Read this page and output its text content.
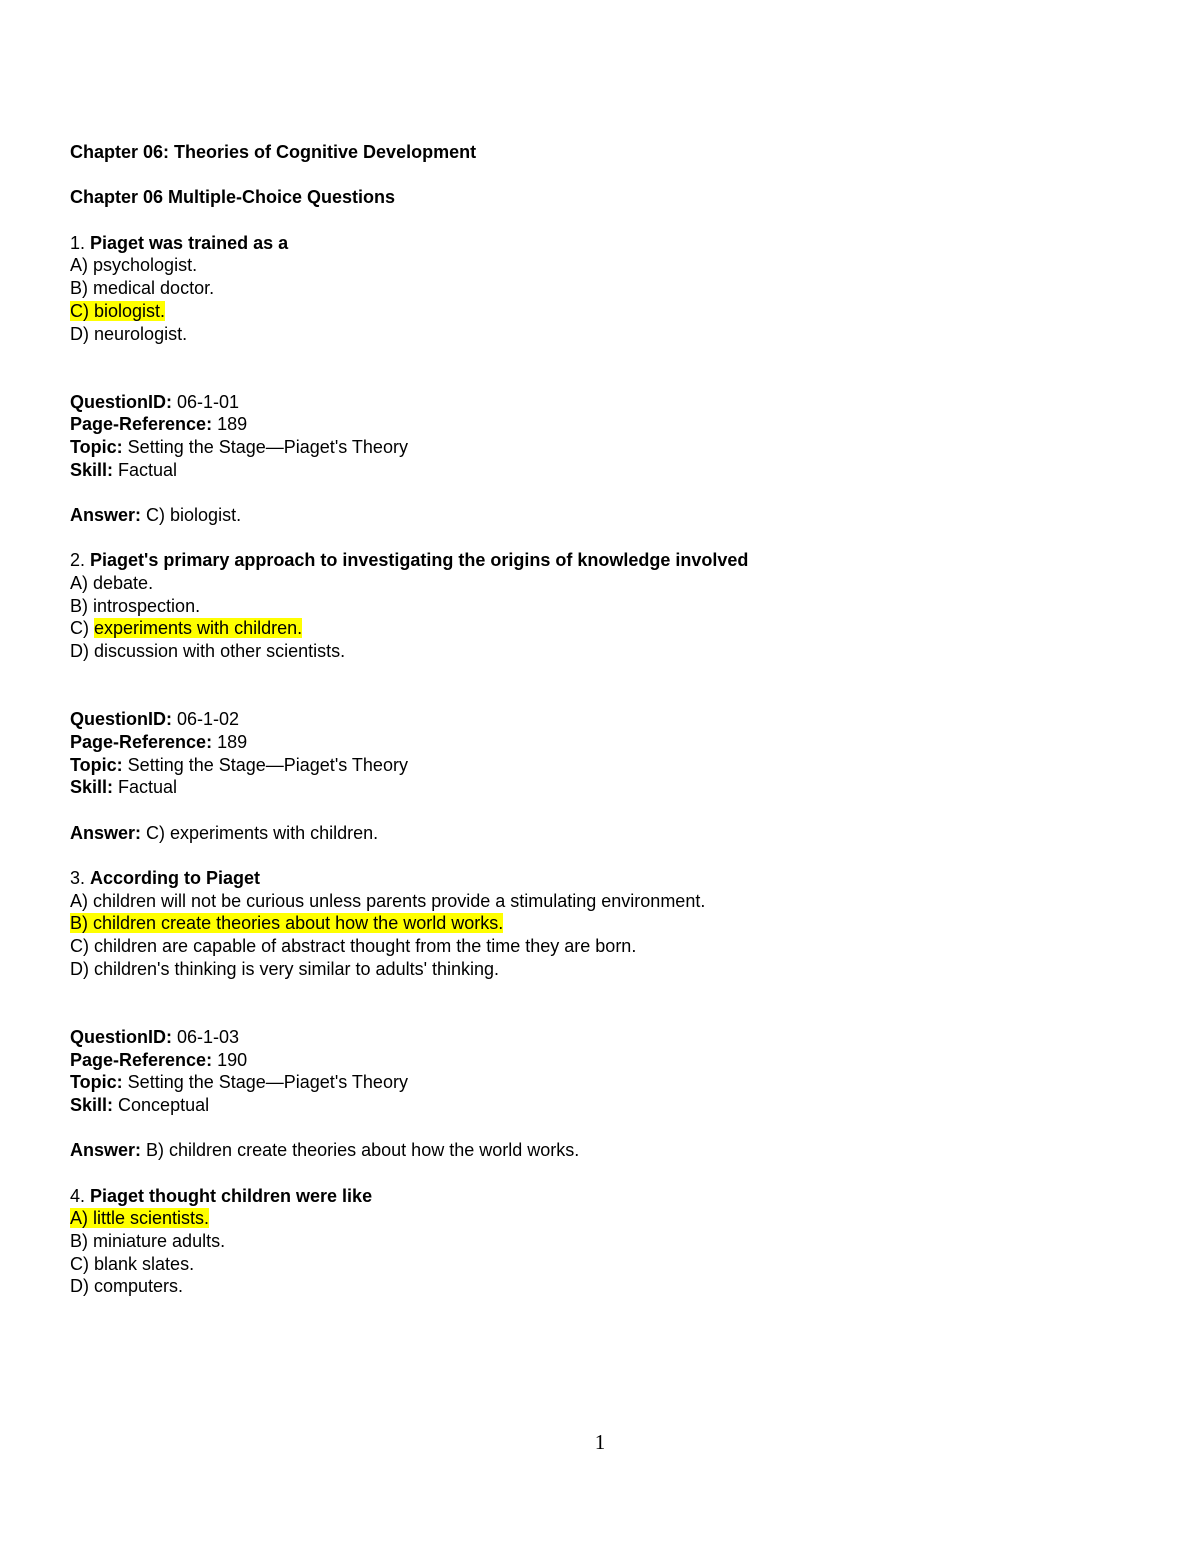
Chapter 06: Theories of Cognitive Development
Chapter 06 Multiple-Choice Questions
1. Piaget was trained as a
A) psychologist.
B) medical doctor.
C) biologist.
D) neurologist.
QuestionID: 06-1-01
Page-Reference: 189
Topic: Setting the Stage—Piaget's Theory
Skill: Factual
Answer: C) biologist.
2. Piaget's primary approach to investigating the origins of knowledge involved
A) debate.
B) introspection.
C) experiments with children.
D) discussion with other scientists.
QuestionID: 06-1-02
Page-Reference: 189
Topic: Setting the Stage—Piaget's Theory
Skill: Factual
Answer: C) experiments with children.
3. According to Piaget
A) children will not be curious unless parents provide a stimulating environment.
B) children create theories about how the world works.
C) children are capable of abstract thought from the time they are born.
D) children's thinking is very similar to adults' thinking.
QuestionID: 06-1-03
Page-Reference: 190
Topic: Setting the Stage—Piaget's Theory
Skill: Conceptual
Answer: B) children create theories about how the world works.
4. Piaget thought children were like
A) little scientists.
B) miniature adults.
C) blank slates.
D) computers.
1
